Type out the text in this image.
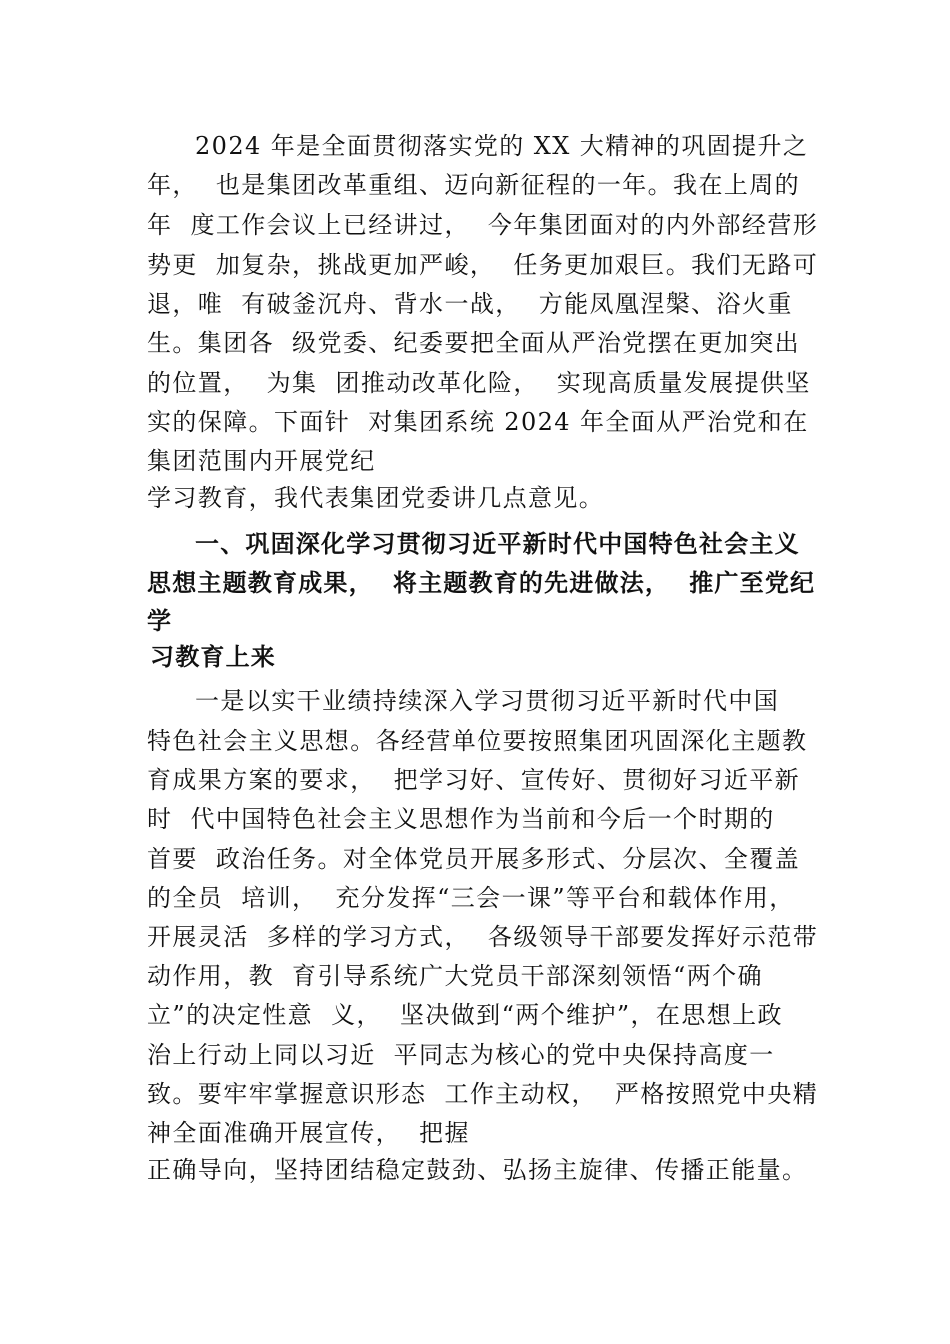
2024 年是全面贯彻落实党的 XX 大精神的巩固提升之
年，  也是集团改革重组、迈向新征程的一年。我在上周的
年  度工作会议上已经讲过，  今年集团面对的内外部经营形
势更  加复杂，挑战更加严峻，  任务更加艰巨。我们无路可
退，唯  有破釜沉舟、背水一战，  方能凤凰涅槃、浴火重
生。集团各  级党委、纪委要把全面从严治党摆在更加突出
的位置，  为集  团推动改革化险，  实现高质量发展提供坚
实的保障。下面针  对集团系统 2024 年全面从严治党和在
集团范围内开展党纪
学习教育，我代表集团党委讲几点意见。
一、巩固深化学习贯彻习近平新时代中国特色社会主义
思想主题教育成果，  将主题教育的先进做法，  推广至党纪
学
习教育上来
一是以实干业绩持续深入学习贯彻习近平新时代中国
特色社会主义思想。各经营单位要按照集团巩固深化主题教
育成果方案的要求，  把学习好、宣传好、贯彻好习近平新
时  代中国特色社会主义思想作为当前和今后一个时期的
首要  政治任务。对全体党员开展多形式、分层次、全覆盖
的全员  培训，  充分发挥“三会一课”等平台和载体作用，
开展灵活  多样的学习方式，  各级领导干部要发挥好示范带
动作用，教  育引导系统广大党员干部深刻领悟“两个确
立”的决定性意  义，  坚决做到“两个维护”，在思想上政
治上行动上同以习近  平同志为核心的党中央保持高度一
致。要牢牢掌握意识形态  工作主动权，  严格按照党中央精
神全面准确开展宣传，  把握
正确导向，坚持团结稳定鼓劲、弘扬主旋律、传播正能量。
